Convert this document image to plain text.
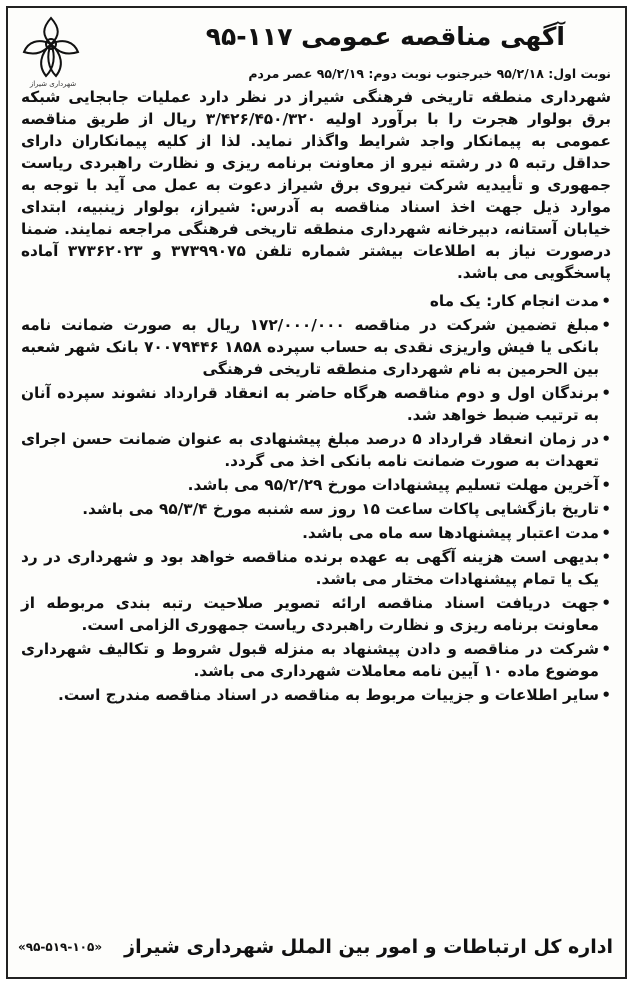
شهرداری شیراز
آگهی مناقصه عمومی ۱۱۷-۹۵
نوبت اول: ۹۵/۲/۱۸ خبرجنوب نوبت دوم: ۹۵/۲/۱۹ عصر مردم

شهرداری منطقه تاریخی فرهنگی شیراز در نظر دارد عملیات جابجایی شبکه برق بولوار هجرت را با برآورد اولیه ۳/۴۲۶/۴۵۰/۳۲۰ ریال از طریق مناقصه عمومی به پیمانکار واجد شرایط واگذار نماید. لذا از کلیه پیمانکاران دارای حداقل رتبه ۵ در رشته نیرو از معاونت برنامه ریزی و نظارت راهبردی ریاست جمهوری و تأییدیه شرکت نیروی برق شیراز دعوت به عمل می آید با توجه به موارد ذیل جهت اخذ اسناد مناقصه به آدرس: شیراز، بولوار زینبیه، ابتدای خیابان آستانه، دبیرخانه شهرداری منطقه تاریخی فرهنگی مراجعه نمایند. ضمنا درصورت نیاز به اطلاعات بیشتر شماره تلفن ۳۷۳۹۹۰۷۵ و ۳۷۳۶۲۰۲۳ آماده پاسخگویی می باشد.

• مدت انجام کار: یک ماه
• مبلغ تضمین شرکت در مناقصه ۱۷۲/۰۰۰/۰۰۰ ریال به صورت ضمانت نامه بانکی یا فیش واریزی نقدی به حساب سپرده ۱۸۵۸ ۷۰۰۷۹۴۴۶ بانک شهر شعبه بین الحرمین به نام شهرداری منطقه تاریخی فرهنگی
• برندگان اول و دوم مناقصه هرگاه حاضر به انعقاد قرارداد نشوند سپرده آنان به ترتیب ضبط خواهد شد.
• در زمان انعقاد قرارداد ۵ درصد مبلغ پیشنهادی به عنوان ضمانت حسن اجرای تعهدات به صورت ضمانت نامه بانکی اخذ می گردد.
• آخرین مهلت تسلیم پیشنهادات مورخ ۹۵/۲/۲۹ می باشد.
• تاریخ بازگشایی پاکات ساعت ۱۵ روز سه شنبه مورخ ۹۵/۳/۴ می باشد.
• مدت اعتبار پیشنهادها سه ماه می باشد.
• بدیهی است هزینه آگهی به عهده برنده مناقصه خواهد بود و شهرداری در رد یک یا تمام پیشنهادات مختار می باشد.
• جهت دریافت اسناد مناقصه ارائه تصویر صلاحیت رتبه بندی مربوطه از معاونت برنامه ریزی و نظارت راهبردی ریاست جمهوری الزامی است.
• شرکت در مناقصه و دادن پیشنهاد به منزله قبول شروط و تکالیف شهرداری موضوع ماده ۱۰ آیین نامه معاملات شهرداری می باشد.
• سایر اطلاعات و جزییات مربوط به مناقصه در اسناد مناقصه مندرج است.
اداره کل ارتباطات و امور بین الملل شهرداری شیراز
«۹۵-۵۱۹-۱۰۵»
